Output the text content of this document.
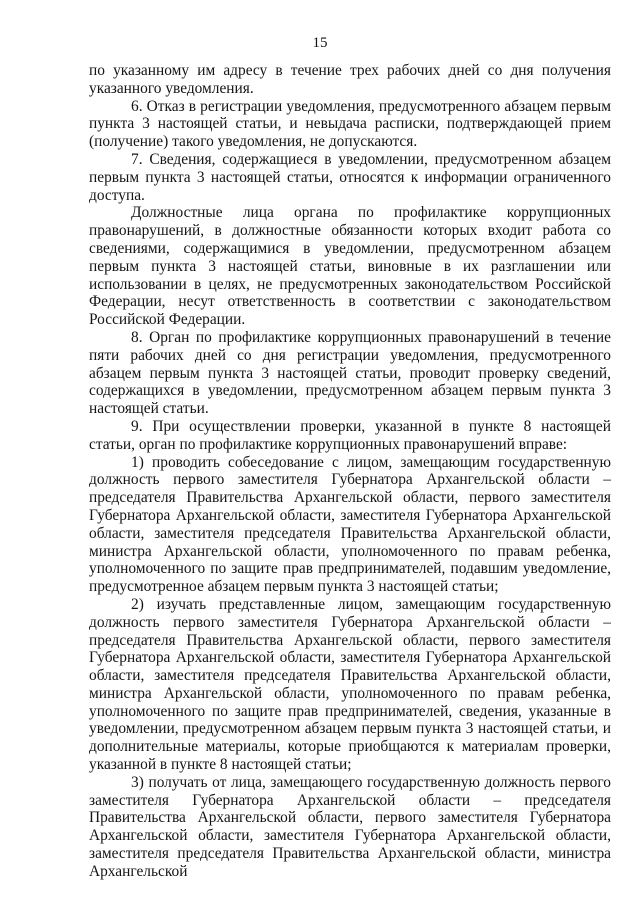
15

по указанному им адресу в течение трех рабочих дней со дня получения указанного уведомления.

6. Отказ в регистрации уведомления, предусмотренного абзацем первым пункта 3 настоящей статьи, и невыдача расписки, подтверждающей прием (получение) такого уведомления, не допускаются.

7. Сведения, содержащиеся в уведомлении, предусмотренном абзацем первым пункта 3 настоящей статьи, относятся к информации ограниченного доступа.

Должностные лица органа по профилактике коррупционных правонарушений, в должностные обязанности которых входит работа со сведениями, содержащимися в уведомлении, предусмотренном абзацем первым пункта 3 настоящей статьи, виновные в их разглашении или использовании в целях, не предусмотренных законодательством Российской Федерации, несут ответственность в соответствии с законодательством Российской Федерации.

8. Орган по профилактике коррупционных правонарушений в течение пяти рабочих дней со дня регистрации уведомления, предусмотренного абзацем первым пункта 3 настоящей статьи, проводит проверку сведений, содержащихся в уведомлении, предусмотренном абзацем первым пункта 3 настоящей статьи.

9. При осуществлении проверки, указанной в пункте 8 настоящей статьи, орган по профилактике коррупционных правонарушений вправе:

1) проводить собеседование с лицом, замещающим государственную должность первого заместителя Губернатора Архангельской области – председателя Правительства Архангельской области, первого заместителя Губернатора Архангельской области, заместителя Губернатора Архангельской области, заместителя председателя Правительства Архангельской области, министра Архангельской области, уполномоченного по правам ребенка, уполномоченного по защите прав предпринимателей, подавшим уведомление, предусмотренное абзацем первым пункта 3 настоящей статьи;

2) изучать представленные лицом, замещающим государственную должность первого заместителя Губернатора Архангельской области – председателя Правительства Архангельской области, первого заместителя Губернатора Архангельской области, заместителя Губернатора Архангельской области, заместителя председателя Правительства Архангельской области, министра Архангельской области, уполномоченного по правам ребенка, уполномоченного по защите прав предпринимателей, сведения, указанные в уведомлении, предусмотренном абзацем первым пункта 3 настоящей статьи, и дополнительные материалы, которые приобщаются к материалам проверки, указанной в пункте 8 настоящей статьи;

3) получать от лица, замещающего государственную должность первого заместителя Губернатора Архангельской области – председателя Правительства Архангельской области, первого заместителя Губернатора Архангельской области, заместителя Губернатора Архангельской области, заместителя председателя Правительства Архангельской области, министра Архангельской
